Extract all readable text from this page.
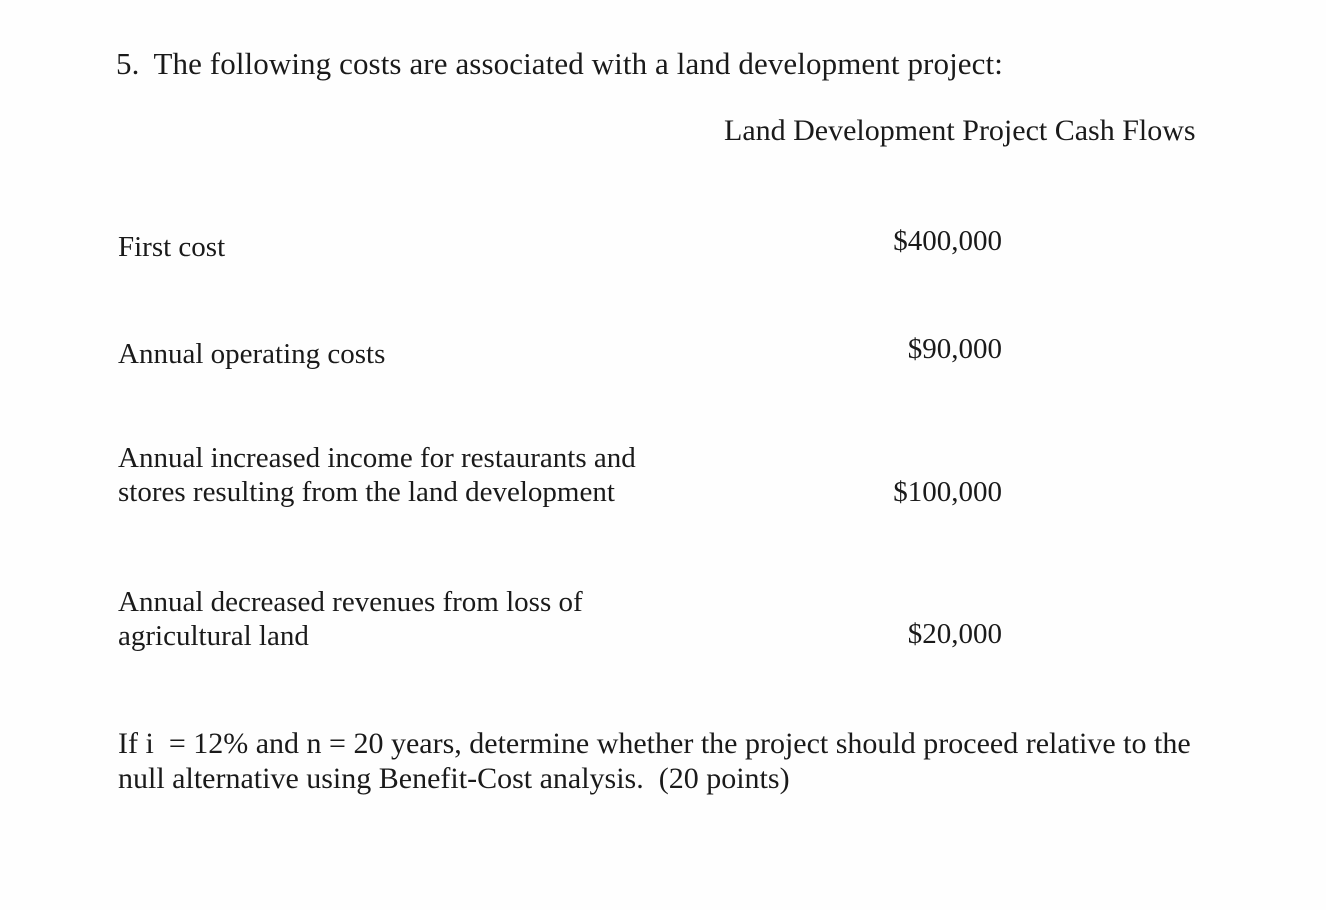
5. The following costs are associated with a land development project:
Land Development Project Cash Flows
First cost	$400,000
Annual operating costs	$90,000
Annual increased income for restaurants and
stores resulting from the land development	$100,000
Annual decreased revenues from loss of
agricultural land	$20,000
If i  = 12% and n = 20 years, determine whether the project should proceed relative to the
null alternative using Benefit-Cost analysis.  (20 points)
